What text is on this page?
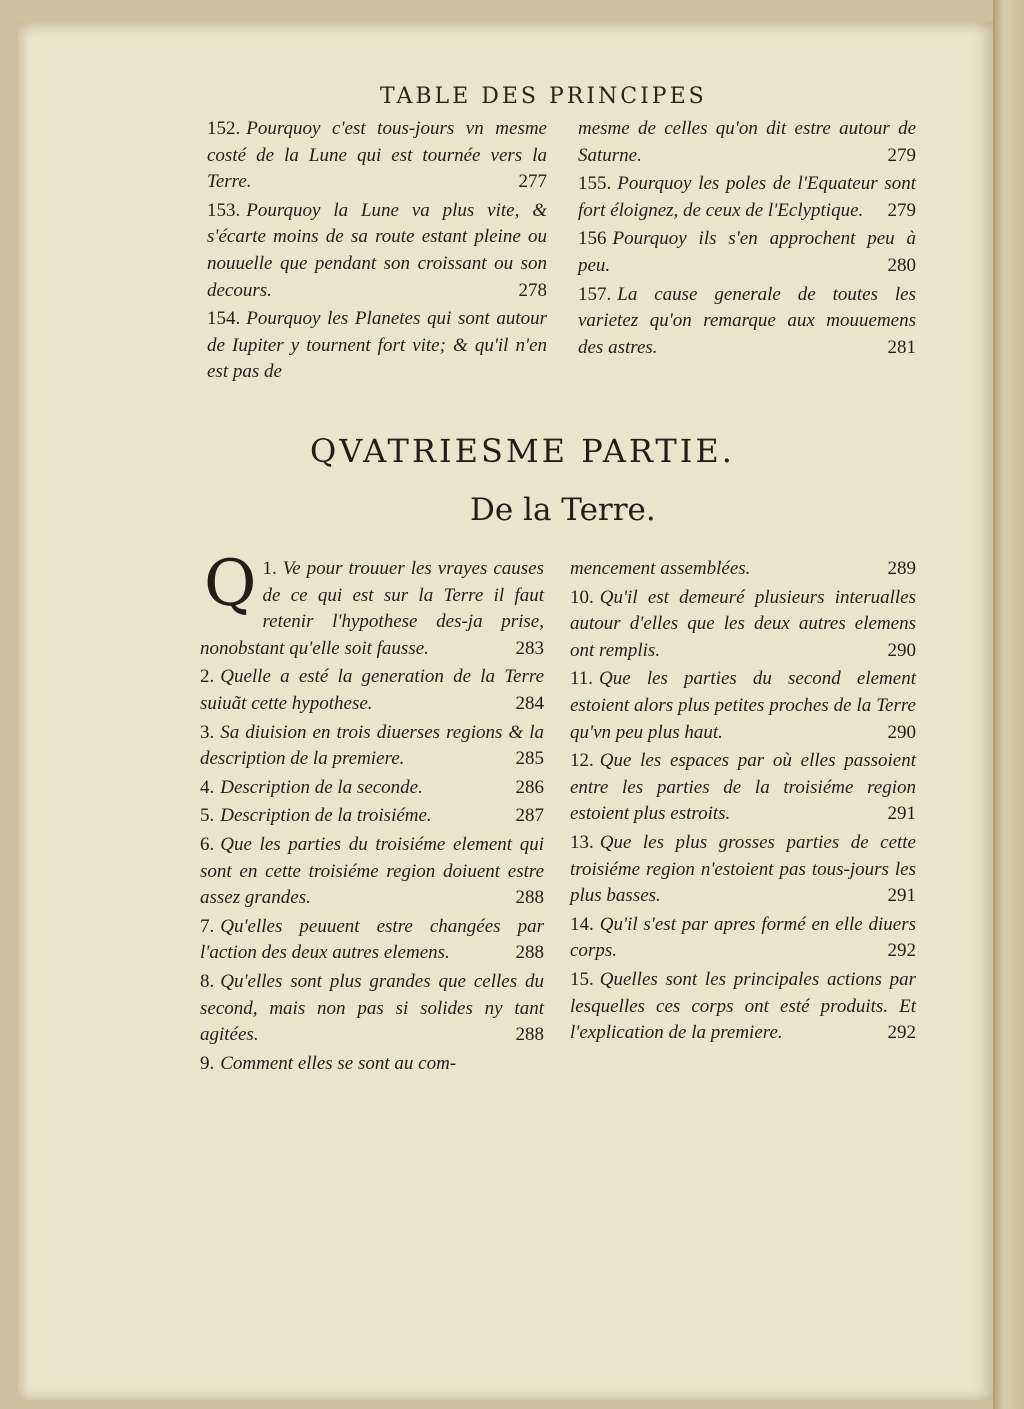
TABLE DES PRINCIPES
152. Pourquoy c'est tous-jours vn mesme costé de la Lune qui est tournée vers la Terre.	277
153. Pourquoy la Lune va plus vite, & s'écarte moins de sa route estant pleine ou nouuelle que pendant son croissant ou son decours.	278
154. Pourquoy les Planetes qui sont autour de Iupiter y tournent fort vite; & qu'il n'en est pas de
mesme de celles qu'on dit estre autour de Saturne.	279
155. Pourquoy les poles de l'Equateur sont fort éloignez, de ceux de l'Eclyptique. 279
156 Pourquoy ils s'en approchent peu à peu.	280
157. La cause generale de toutes les varietez qu'on remarque aux mouuemens des astres.	281
QVATRIESME PARTIE.
De la Terre.
1.
Q Ve pour trouuer les vrayes causes de ce qui est sur la Terre il faut retenir l'hypothese des-ja prise, nonobstant qu'elle soit fausse.	283
2. Quelle a esté la generation de la Terre suiuãt cette hypothese.	284
3. Sa diuision en trois diuerses regions & la description de la premiere.	285
4. Description de la seconde.	286
5. Description de la troisiéme.	287
6. Que les parties du troisiéme element qui sont en cette troisiéme region doiuent estre assez grandes.	288
7. Qu'elles peuuent estre changées par l'action des deux autres elemens.	288
8. Qu'elles sont plus grandes que celles du second, mais non pas si solides ny tant agitées.	288
9. Comment elles se sont au com-
mencement assemblées.	289
10. Qu'il est demeuré plusieurs interualles autour d'elles que les deux autres elemens ont remplis.	290
11. Que les parties du second element estoient alors plus petites proches de la Terre qu'vn peu plus haut.	290
12. Que les espaces par où elles passoient entre les parties de la troisiéme region estoient plus estroits.	291
13. Que les plus grosses parties de cette troisiéme region n'estoient pas tous-jours les plus basses.	291
14. Qu'il s'est par apres formé en elle diuers corps.	292
15. Quelles sont les principales actions par lesquelles ces corps ont esté produits. Et l'explication de la premiere.	292
